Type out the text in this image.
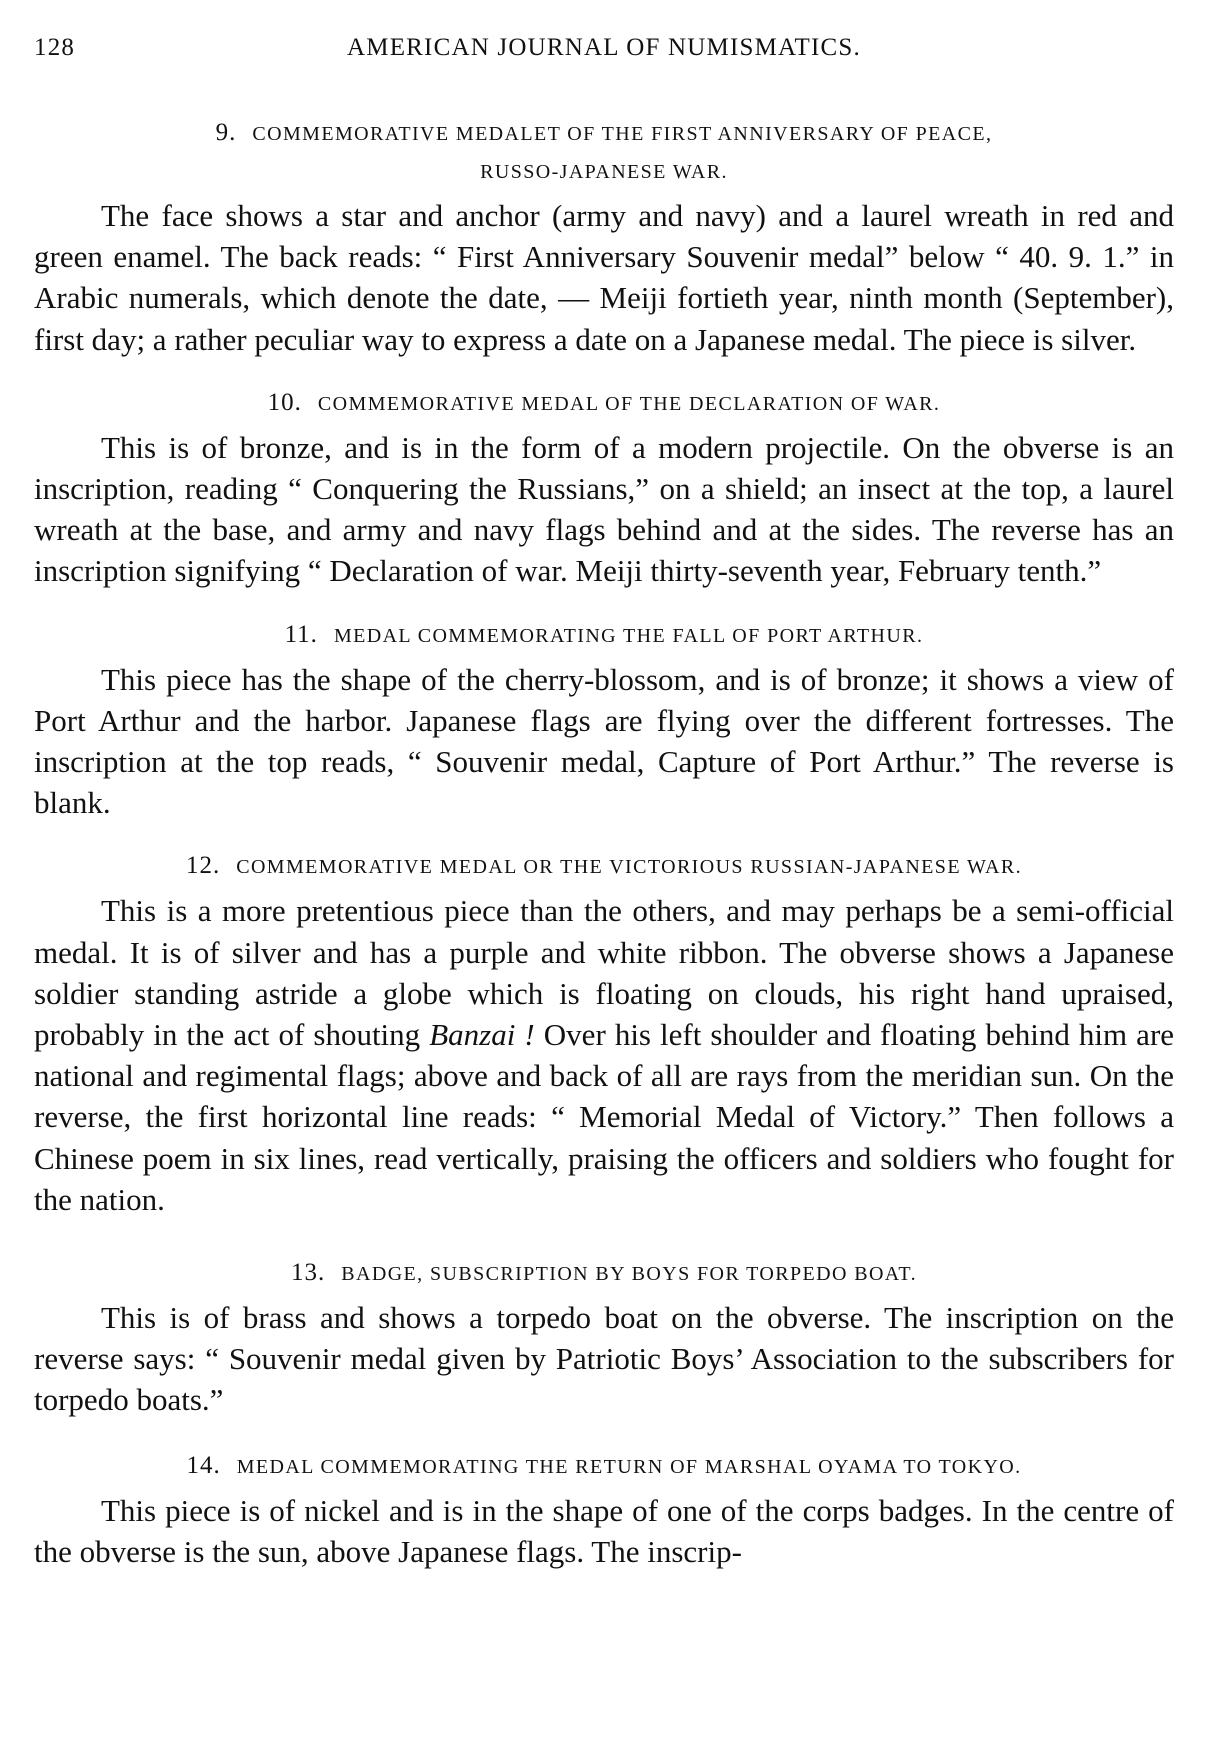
128	AMERICAN JOURNAL OF NUMISMATICS.
9. COMMEMORATIVE MEDALET OF THE FIRST ANNIVERSARY OF PEACE,
RUSSO-JAPANESE WAR.

The face shows a star and anchor (army and navy) and a laurel wreath in red and green enamel. The back reads: “ First Anniversary Souvenir medal” below “ 40. 9. 1.” in Arabic numerals, which denote the date, — Meiji fortieth year, ninth month (September), first day; a rather peculiar way to express a date on a Japanese medal. The piece is silver.

10. COMMEMORATIVE MEDAL OF THE DECLARATION OF WAR.

This is of bronze, and is in the form of a modern projectile. On the obverse is an inscription, reading “ Conquering the Russians,” on a shield; an insect at the top, a laurel wreath at the base, and army and navy flags behind and at the sides. The reverse has an inscription signifying “ Declaration of war. Meiji thirty-seventh year, February tenth.”

11. MEDAL COMMEMORATING THE FALL OF PORT ARTHUR.

This piece has the shape of the cherry-blossom, and is of bronze; it shows a view of Port Arthur and the harbor. Japanese flags are flying over the different fortresses. The inscription at the top reads, “ Souvenir medal, Capture of Port Arthur.” The reverse is blank.

12. COMMEMORATIVE MEDAL OR THE VICTORIOUS RUSSIAN-JAPANESE WAR.

This is a more pretentious piece than the others, and may perhaps be a semi-official medal. It is of silver and has a purple and white ribbon. The obverse shows a Japanese soldier standing astride a globe which is floating on clouds, his right hand upraised, probably in the act of shouting Banzai ! Over his left shoulder and floating behind him are national and regimental flags; above and back of all are rays from the meridian sun. On the reverse, the first horizontal line reads: “ Memorial Medal of Victory.” Then follows a Chinese poem in six lines, read vertically, praising the officers and soldiers who fought for the nation.

13. BADGE, SUBSCRIPTION BY BOYS FOR TORPEDO BOAT.

This is of brass and shows a torpedo boat on the obverse. The inscription on the reverse says: “ Souvenir medal given by Patriotic Boys’ Association to the subscribers for torpedo boats.”

14. MEDAL COMMEMORATING THE RETURN OF MARSHAL OYAMA TO TOKYO.

This piece is of nickel and is in the shape of one of the corps badges. In the centre of the obverse is the sun, above Japanese flags. The inscrip-
